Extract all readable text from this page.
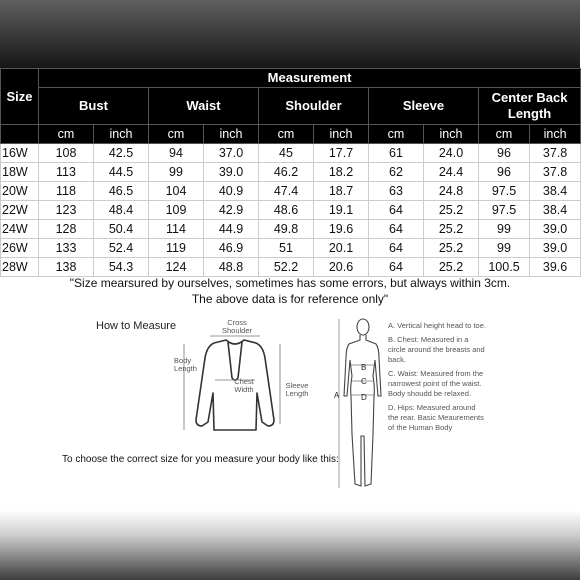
Size	Measurement									
	Bust		Waist		Shoulder		Sleeve		Center Back Length	
	cm	inch	cm	inch	cm	inch	cm	inch	cm	inch
16W	108	42.5	94	37.0	45	17.7	61	24.0	96	37.8
18W	113	44.5	99	39.0	46.2	18.2	62	24.4	96	37.8
20W	118	46.5	104	40.9	47.4	18.7	63	24.8	97.5	38.4
22W	123	48.4	109	42.9	48.6	19.1	64	25.2	97.5	38.4
24W	128	50.4	114	44.9	49.8	19.6	64	25.2	99	39.0
26W	133	52.4	119	46.9	51	20.1	64	25.2	99	39.0
28W	138	54.3	124	48.8	52.2	20.6	64	25.2	100.5	39.6
"Size mearsured by ourselves, sometimes has some errors, but always within 3cm.
The above data is for reference only"
How to Measure	Cross Shoulder
Body Length
Chest Width	Sleeve Length	A
B
C
D

A. Vertical height head to toe.

B. Chest: Measured in a circle around the breasts and back.

C. Waist: Measured from the narrowest point of the waist. Body shoudd be relaxed.

D. Hips: Measured around the rear. Basic Meaurements of the Human Body

To choose the correct size for you measure your body like this:
